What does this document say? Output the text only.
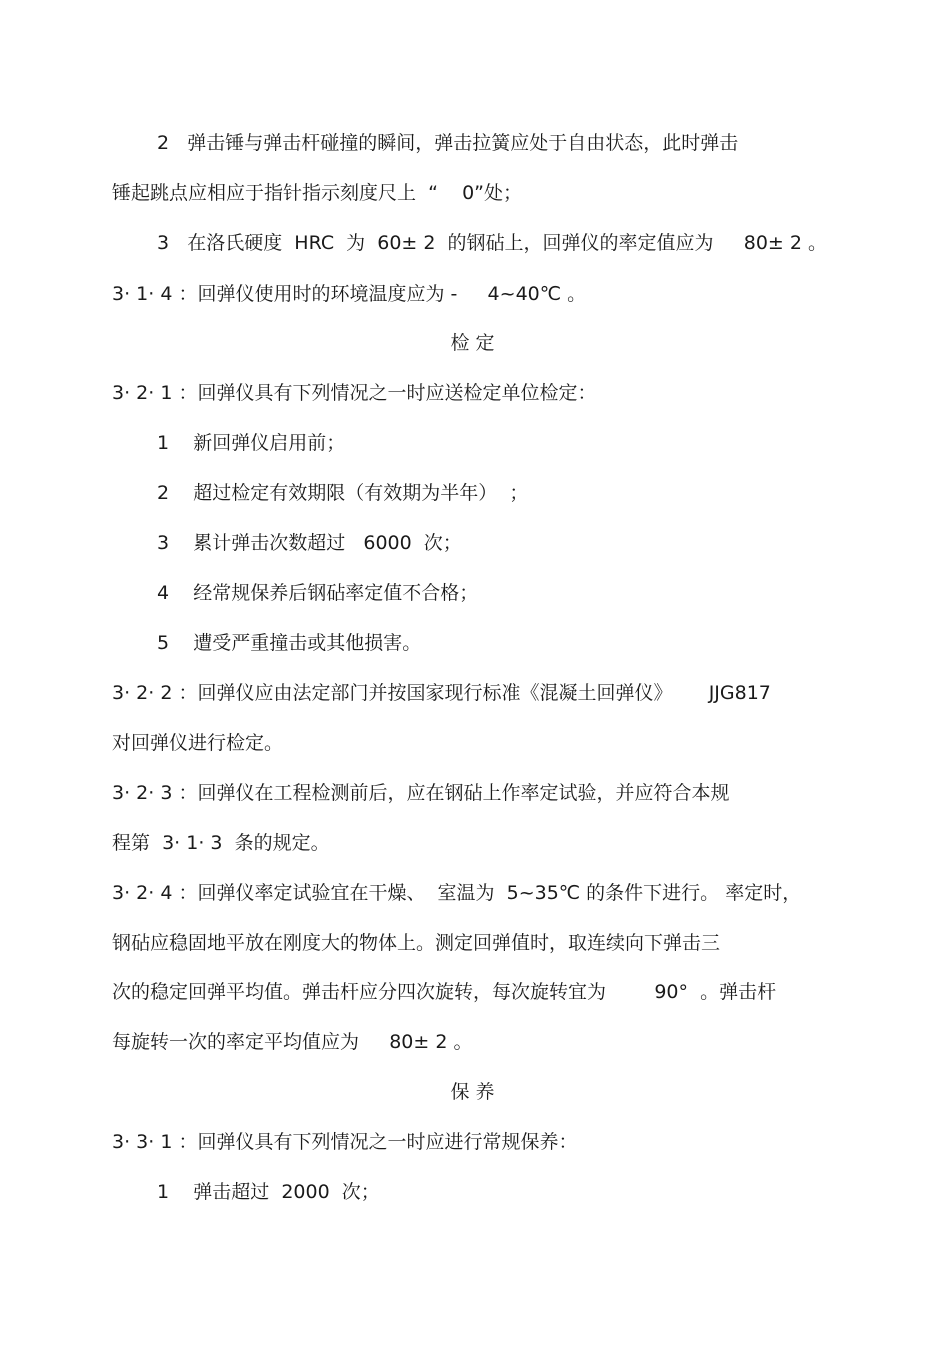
2   弹击锤与弹击杆碰撞的瞬间，弹击拉簧应处于自由状态，此时弹击

锤起跳点应相应于指针指示刻度尺上  “    0”处；

3   在洛氏硬度  HRC  为  60± 2  的钢砧上，回弹仪的率定值应为     80± 2 。

3· 1· 4 ：回弹仪使用时的环境温度应为 -     4~40℃ 。

检 定

3· 2· 1 ：回弹仪具有下列情况之一时应送检定单位检定：

1    新回弹仪启用前；

2    超过检定有效期限（有效期为半年）  ；

3    累计弹击次数超过   6000  次；

4    经常规保养后钢砧率定值不合格；

5    遭受严重撞击或其他损害。

3· 2· 2 ：回弹仪应由法定部门并按国家现行标准《混凝土回弹仪》      JJG817

对回弹仪进行检定。

3· 2· 3 ：回弹仪在工程检测前后，应在钢砧上作率定试验，并应符合本规

程第  3· 1· 3  条的规定。

3· 2· 4 ：回弹仪率定试验宜在干燥、  室温为  5~35℃ 的条件下进行。 率定时，

钢砧应稳固地平放在刚度大的物体上。测定回弹值时，取连续向下弹击三

次的稳定回弹平均值。弹击杆应分四次旋转，每次旋转宜为        90°  。弹击杆

每旋转一次的率定平均值应为     80± 2 。

保 养

3· 3· 1 ：回弹仪具有下列情况之一时应进行常规保养：

1    弹击超过  2000  次；
